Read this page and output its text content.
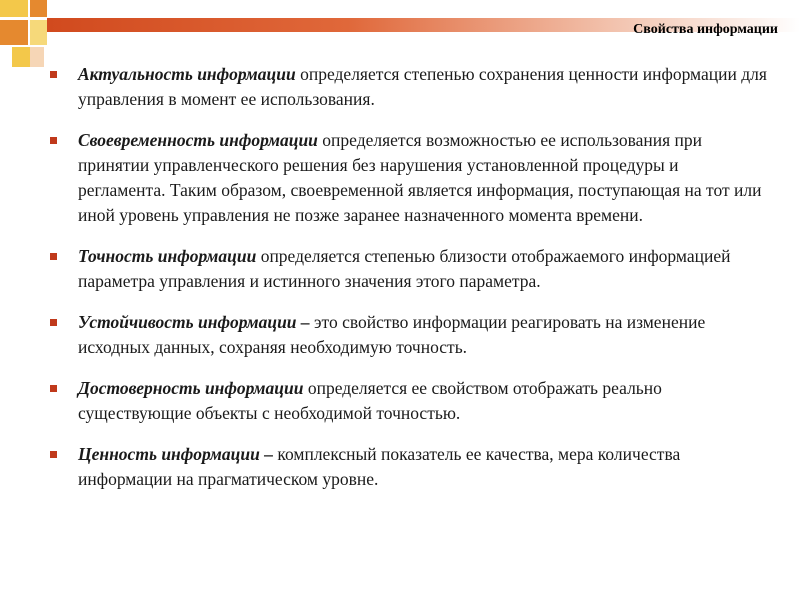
Свойства информации
Актуальность информации определяется степенью сохранения ценности информации для управления в момент ее использования.
Своевременность информации определяется возможностью ее использования при принятии управленческого решения без нарушения установленной процедуры и регламента. Таким образом, своевременной является информация, поступающая на тот или иной уровень управления не позже заранее назначенного момента времени.
Точность информации определяется степенью близости отображаемого информацией параметра управления и истинного значения этого параметра.
Устойчивость информации – это свойство информации реагировать на изменение исходных данных, сохраняя необходимую точность.
Достоверность информации определяется ее свойством отображать реально существующие объекты с необходимой точностью.
Ценность информации – комплексный показатель ее качества, мера количества информации на прагматическом уровне.
